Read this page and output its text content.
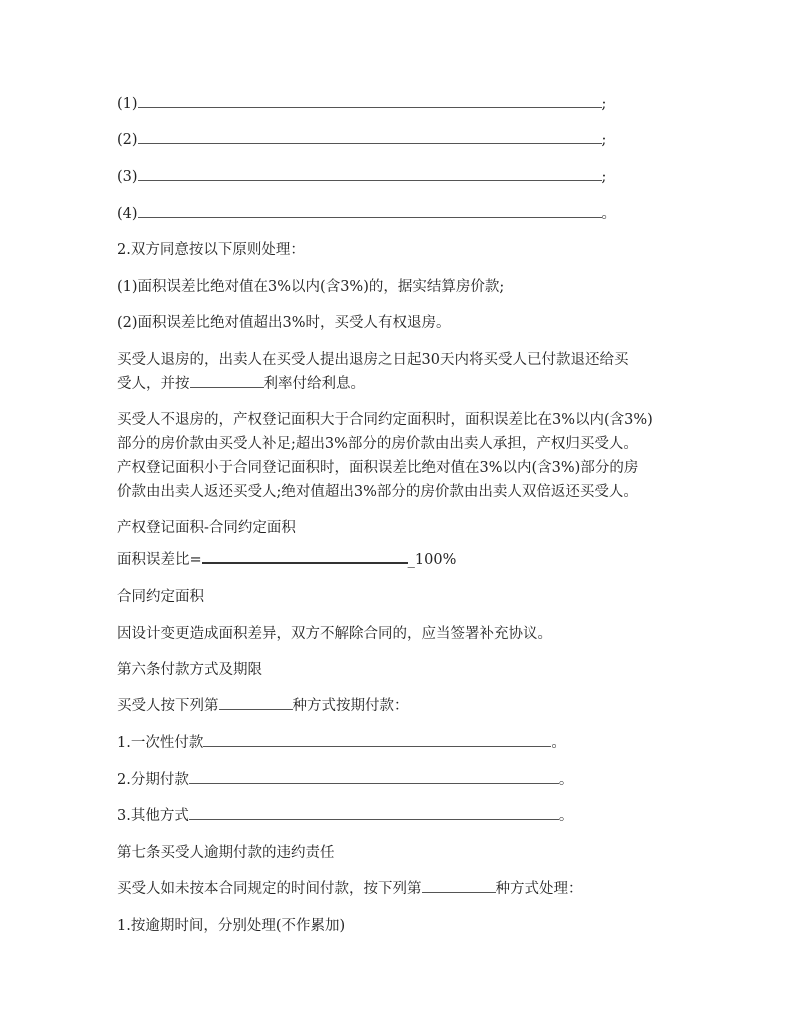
(1)	;

(2)	;

(3)	;

(4)	。

2.双方同意按以下原则处理：

(1)面积误差比绝对值在3%以内(含3%)的，据实结算房价款;

(2)面积误差比绝对值超出3%时，买受人有权退房。

买受人退房的，出卖人在买受人提出退房之日起30天内将买受人已付款退还给买

受人，并按	利率付给利息。

买受人不退房的，产权登记面积大于合同约定面积时，面积误差比在3%以内(含3%)

部分的房价款由买受人补足;超出3%部分的房价款由出卖人承担，产权归买受人。

产权登记面积小于合同登记面积时，面积误差比绝对值在3%以内(含3%)部分的房

价款由出卖人返还买受人;绝对值超出3%部分的房价款由出卖人双倍返还买受人。

产权登记面积-合同约定面积

面积误差比=	_100%

合同约定面积

因设计变更造成面积差异，双方不解除合同的，应当签署补充协议。

第六条付款方式及期限

买受人按下列第	种方式按期付款：

1.一次性付款	。

2.分期付款	。

3.其他方式	。

第七条买受人逾期付款的违约责任

买受人如未按本合同规定的时间付款，按下列第	种方式处理：

1.按逾期时间，分别处理(不作累加)
